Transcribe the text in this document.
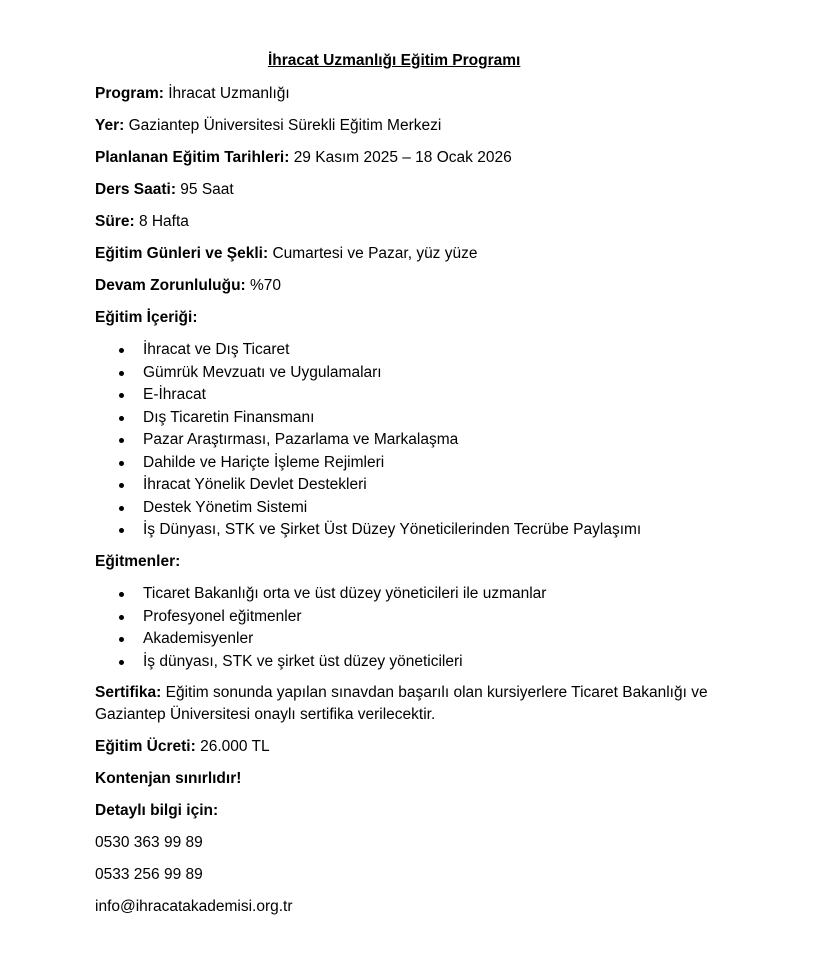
İhracat Uzmanlığı Eğitim Programı
Program: İhracat Uzmanlığı
Yer: Gaziantep Üniversitesi Sürekli Eğitim Merkezi
Planlanan Eğitim Tarihleri: 29 Kasım 2025 – 18 Ocak 2026
Ders Saati: 95 Saat
Süre: 8 Hafta
Eğitim Günleri ve Şekli: Cumartesi ve Pazar, yüz yüze
Devam Zorunluluğu: %70
Eğitim İçeriği:
İhracat ve Dış Ticaret
Gümrük Mevzuatı ve Uygulamaları
E-İhracat
Dış Ticaretin Finansmanı
Pazar Araştırması, Pazarlama ve Markalaşma
Dahilde ve Hariçte İşleme Rejimleri
İhracat Yönelik Devlet Destekleri
Destek Yönetim Sistemi
İş Dünyası, STK ve Şirket Üst Düzey Yöneticilerinden Tecrübe Paylaşımı
Eğitmenler:
Ticaret Bakanlığı orta ve üst düzey yöneticileri ile uzmanlar
Profesyonel eğitmenler
Akademisyenler
İş dünyası, STK ve şirket üst düzey yöneticileri
Sertifika: Eğitim sonunda yapılan sınavdan başarılı olan kursiyerlere Ticaret Bakanlığı ve Gaziantep Üniversitesi onaylı sertifika verilecektir.
Eğitim Ücreti: 26.000 TL
Kontenjan sınırlıdır!
Detaylı bilgi için:
0530 363 99 89
0533 256 99 89
info@ihracatakademisi.org.tr
